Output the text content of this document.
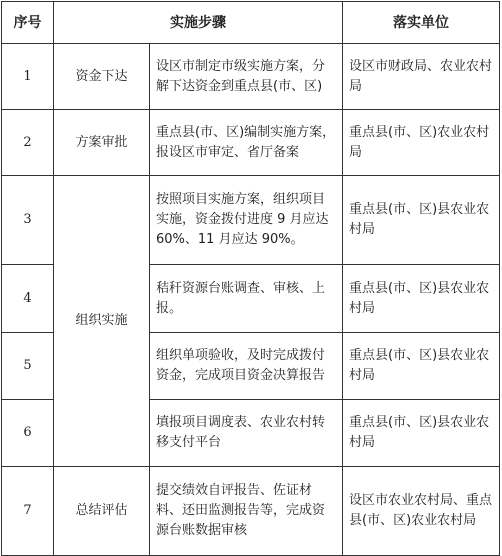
序号	实施步骤		落实单位
1	资金下达	设区市制定市级实施方案，分解下达资金到重点县(市、区)	设区市财政局、农业农村局
2	方案审批	重点县(市、区)编制实施方案，报设区市审定、省厅备案	重点县(市、区)农业农村局
3	组织实施	按照项目实施方案，组织项目实施，资金拨付进度 9 月应达 60%、11 月应达 90%。	重点县(市、区)县农业农村局
4		秸秆资源台账调查、审核、上报。	重点县(市、区)县农业农村局
5		组织单项验收，及时完成拨付资金，完成项目资金决算报告	重点县(市、区)县农业农村局
6		填报项目调度表、农业农村转移支付平台	重点县(市、区)县农业农村局
7	总结评估	提交绩效自评报告、佐证材料、还田监测报告等，完成资源台账数据审核	设区市农业农村局、重点县(市、区)农业农村局
